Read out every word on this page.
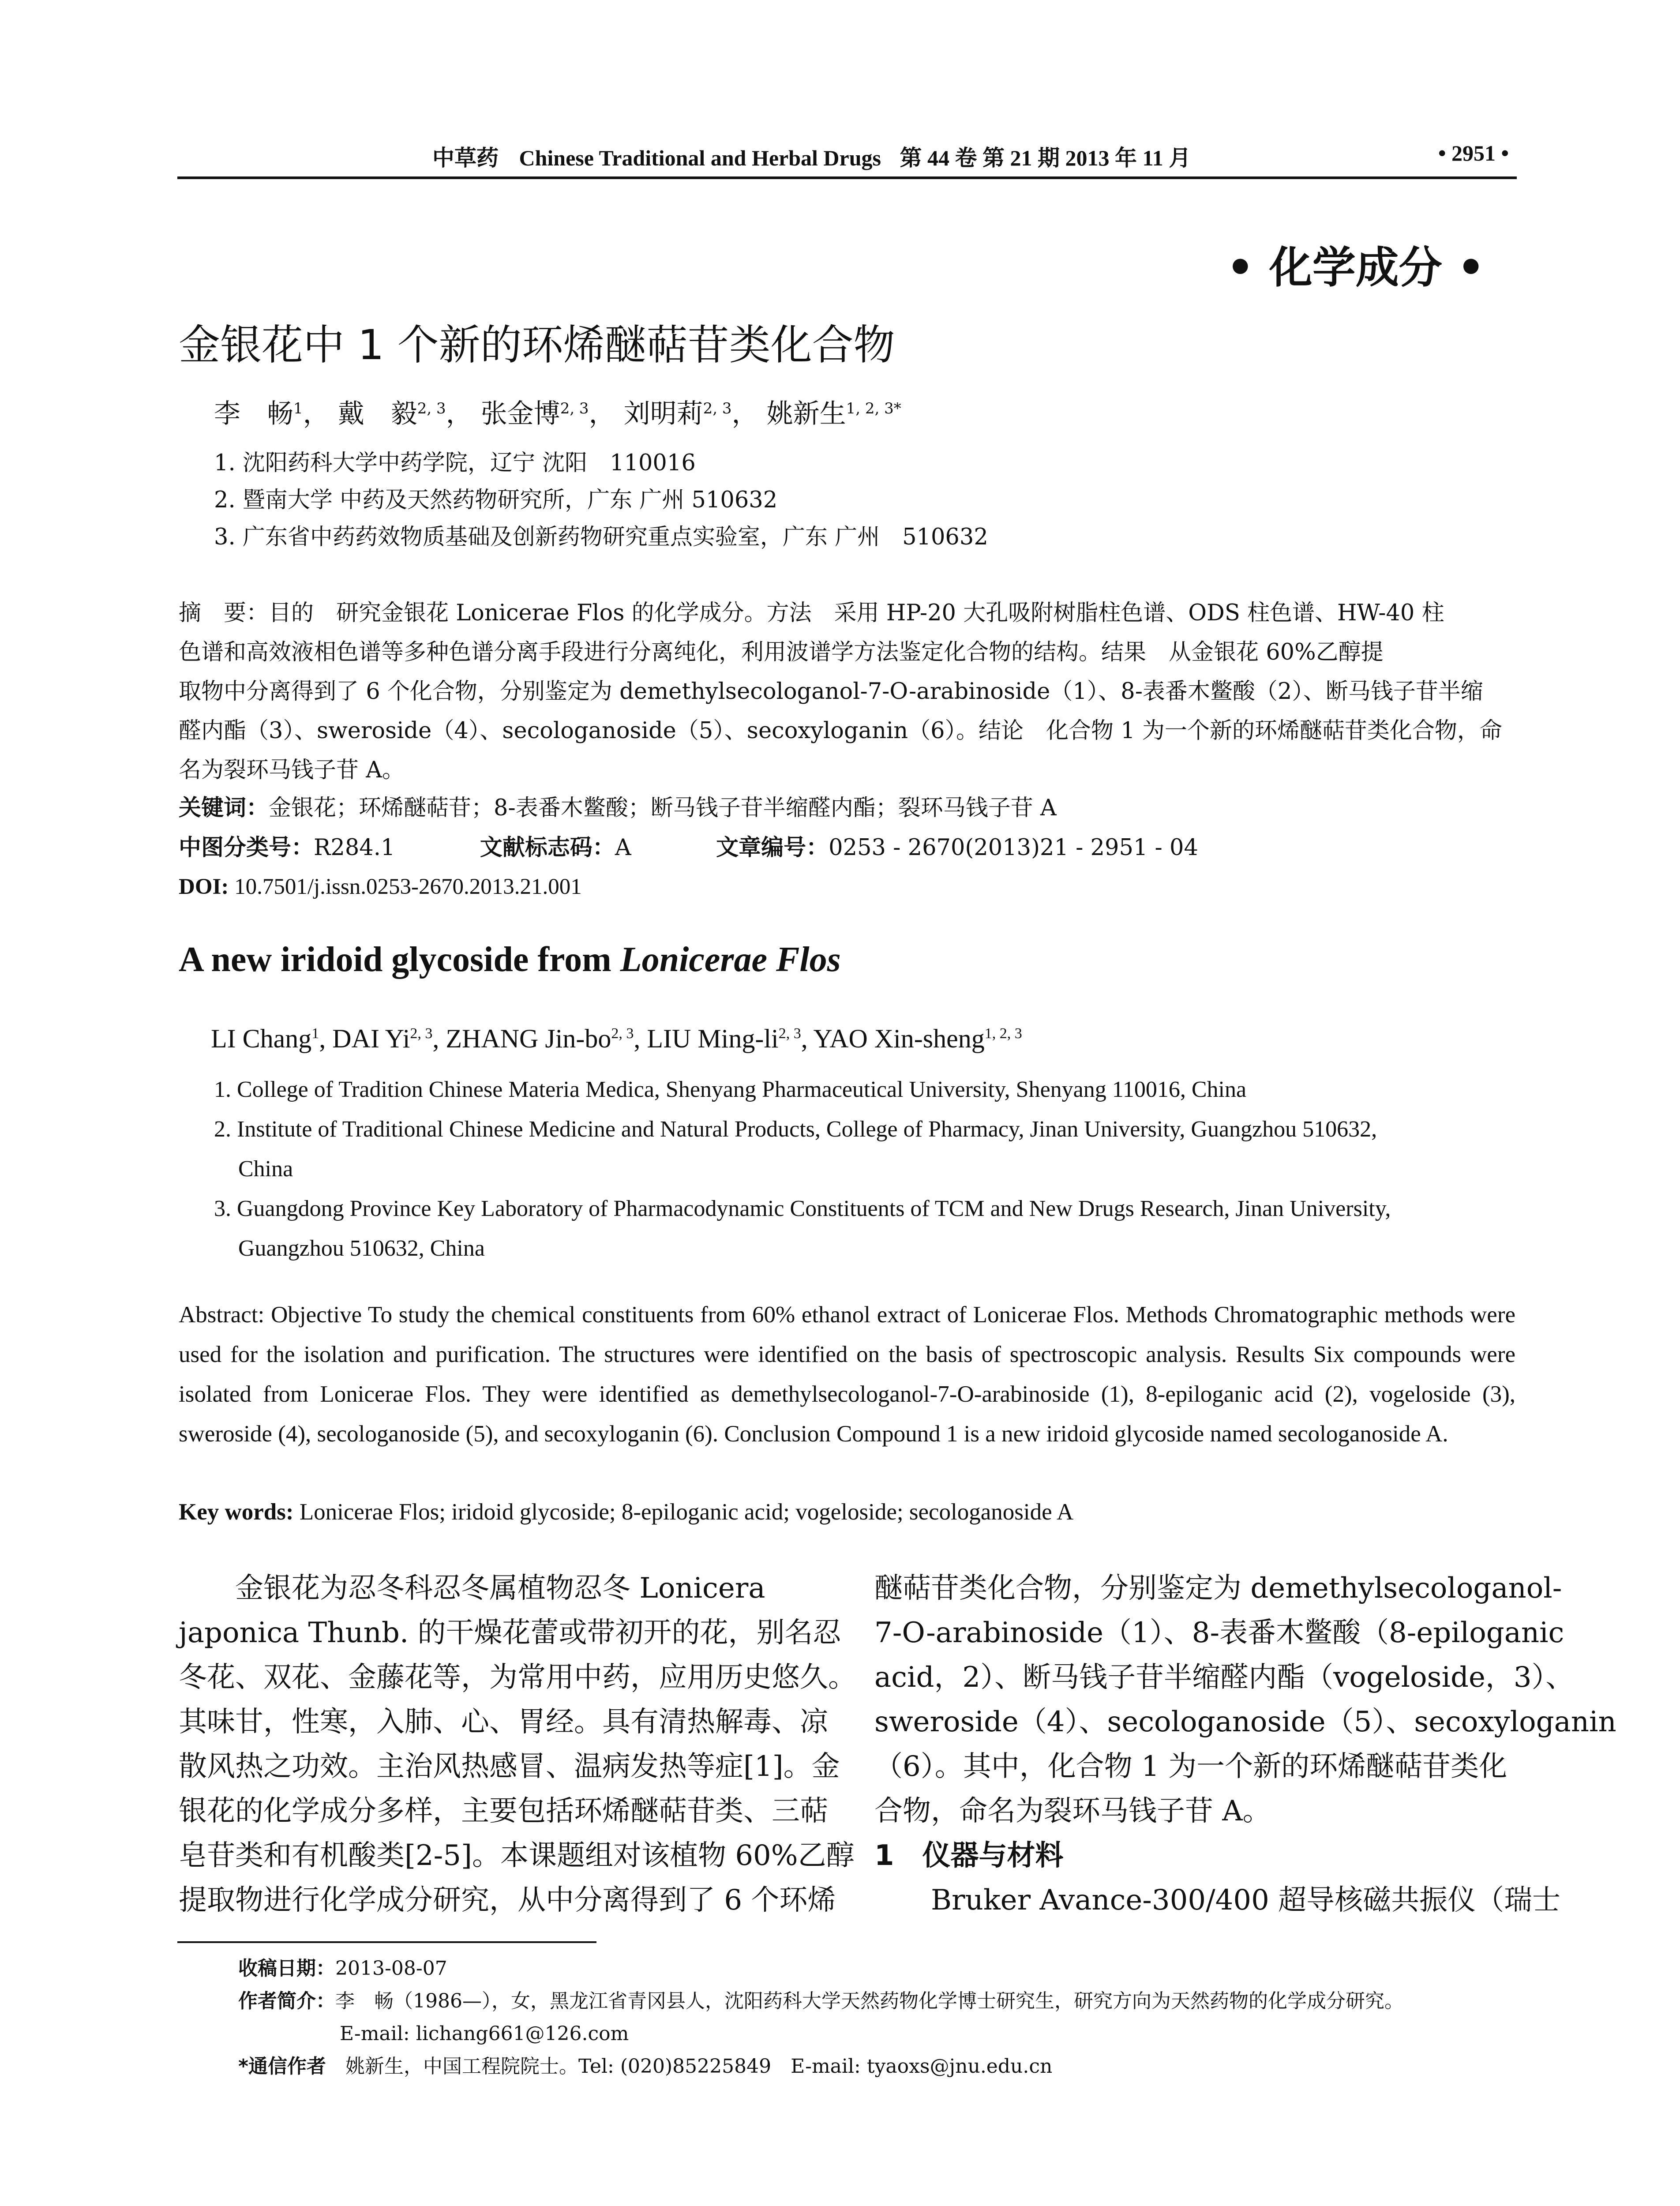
中草药 Chinese Traditional and Herbal Drugs 第 44 卷 第 21 期 2013 年 11 月	• 2951 •
• 化学成分 •
金银花中 1 个新的环烯醚萜苷类化合物
李　畅$^1$， 戴　毅$^{2, 3}$， 张金博$^{2, 3}$， 刘明莉$^{2, 3}$， 姚新生$^{1, 2, 3*}$
1. 沈阳药科大学中药学院，辽宁 沈阳　110016
2. 暨南大学 中药及天然药物研究所，广东 广州 510632
3. 广东省中药药效物质基础及创新药物研究重点实验室，广东 广州　510632
摘　要：目的　研究金银花 Lonicerae Flos 的化学成分。方法　采用 HP-20 大孔吸附树脂柱色谱、ODS 柱色谱、HW-40 柱
色谱和高效液相色谱等多种色谱分离手段进行分离纯化，利用波谱学方法鉴定化合物的结构。结果　从金银花 60%乙醇提
取物中分离得到了 6 个化合物，分别鉴定为 demethylsecologanol-7-O-arabinoside（1）、8-表番木鳖酸（2）、断马钱子苷半缩
醛内酯（3）、sweroside（4）、secologanoside（5）、secoxyloganin（6）。结论　化合物 1 为一个新的环烯醚萜苷类化合物，命
名为裂环马钱子苷 A。
关键词：金银花；环烯醚萜苷；8-表番木鳖酸；断马钱子苷半缩醛内酯；裂环马钱子苷 A
中图分类号：R284.1	文献标志码：A	文章编号：0253 - 2670(2013)21 - 2951 - 04
DOI: 10.7501/j.issn.0253-2670.2013.21.001
A new iridoid glycoside from Lonicerae Flos
LI Chang$^1$, DAI Yi$^{2, 3}$, ZHANG Jin-bo$^{2, 3}$, LIU Ming-li$^{2, 3}$, YAO Xin-sheng$^{1, 2, 3}$
1. College of Tradition Chinese Materia Medica, Shenyang Pharmaceutical University, Shenyang 110016, China
2. Institute of Traditional Chinese Medicine and Natural Products, College of Pharmacy, Jinan University, Guangzhou 510632,
China
3. Guangdong Province Key Laboratory of Pharmacodynamic Constituents of TCM and New Drugs Research, Jinan University,
Guangzhou 510632, China
Abstract: Objective To study the chemical constituents from 60% ethanol extract of Lonicerae Flos. Methods Chromatographic methods were used for the isolation and purification. The structures were identified on the basis of spectroscopic analysis. Results Six compounds were isolated from Lonicerae Flos. They were identified as demethylsecologanol-7-O-arabinoside (1), 8-epiloganic acid (2), vogeloside (3), sweroside (4), secologanoside (5), and secoxyloganin (6). Conclusion Compound 1 is a new iridoid glycoside named secologanoside A.
Key words: Lonicerae Flos; iridoid glycoside; 8-epiloganic acid; vogeloside; secologanoside A
　　金银花为忍冬科忍冬属植物忍冬 Lonicera
japonica Thunb. 的干燥花蕾或带初开的花，别名忍
冬花、双花、金藤花等，为常用中药，应用历史悠久。
其味甘，性寒，入肺、心、胃经。具有清热解毒、凉
散风热之功效。主治风热感冒、温病发热等症[1]。金
银花的化学成分多样，主要包括环烯醚萜苷类、三萜
皂苷类和有机酸类[2-5]。本课题组对该植物 60%乙醇
提取物进行化学成分研究，从中分离得到了 6 个环烯
醚萜苷类化合物，分别鉴定为 demethylsecologanol-
7-O-arabinoside（1）、8-表番木鳖酸（8-epiloganic
acid，2）、断马钱子苷半缩醛内酯（vogeloside，3）、
sweroside（4）、secologanoside（5）、secoxyloganin
（6）。其中，化合物 1 为一个新的环烯醚萜苷类化
合物，命名为裂环马钱子苷 A。
1　仪器与材料
　　Bruker Avance-300/400 超导核磁共振仪（瑞士
收稿日期：2013-08-07
作者简介：李　畅（1986—），女，黑龙江省青冈县人，沈阳药科大学天然药物化学博士研究生，研究方向为天然药物的化学成分研究。
E-mail: lichang661@126.com
*通信作者　 姚新生，中国工程院院士。Tel: (020)85225849　E-mail: tyaoxs@jnu.edu.cn
